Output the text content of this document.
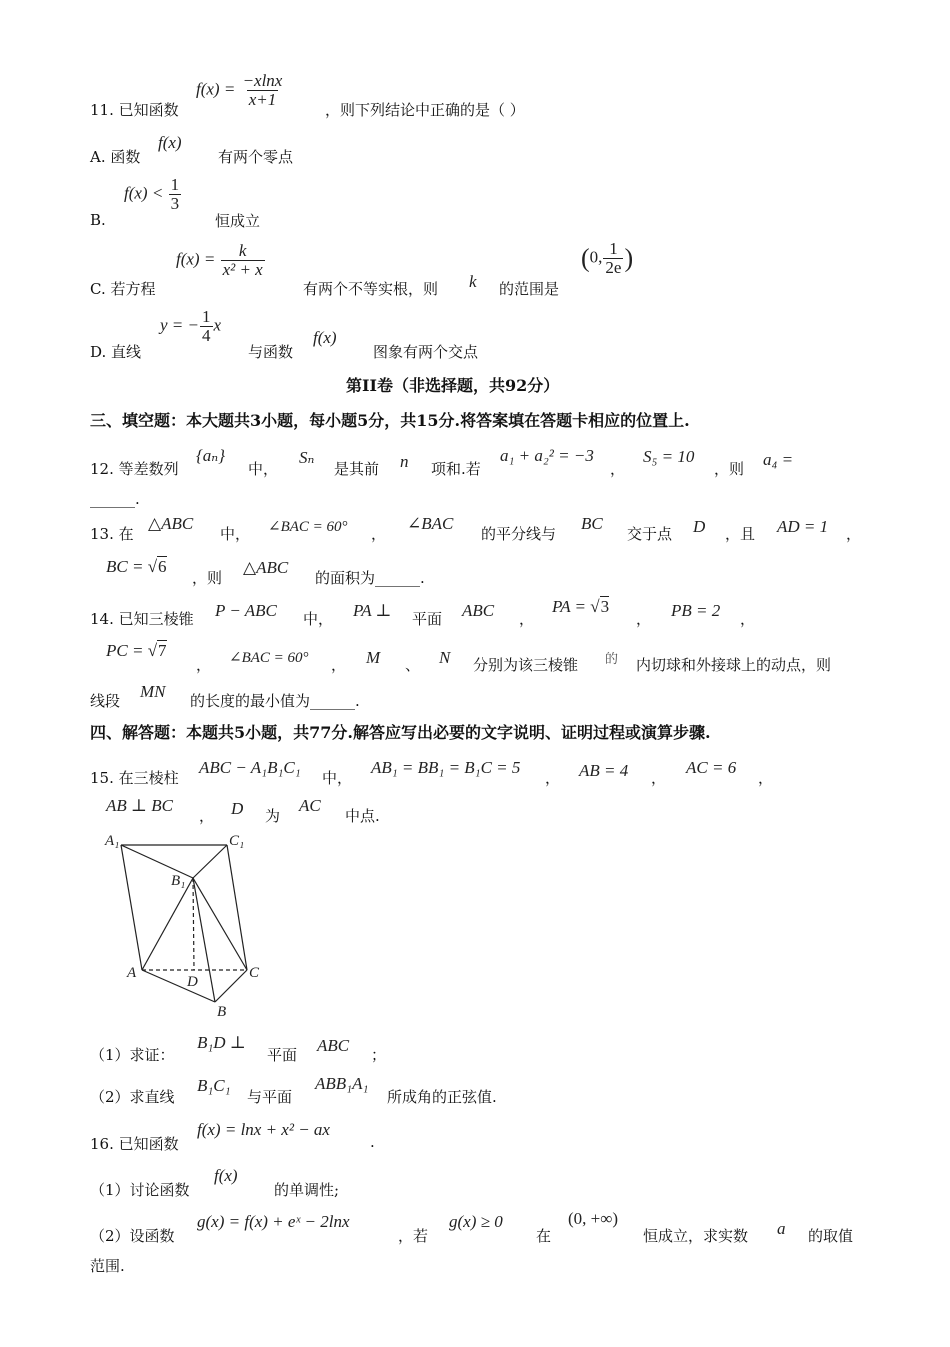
11. 已知函数
$f(x) = \frac{-xlnx}{x+1}$
，则下列结论中正确的是（ ）
A. 函数
f(x)
有两个零点
B.
$f(x) < \frac{1}{3}$
恒成立
C. 若方程
$f(x) = \frac{k}{\text{x² + x}}$
有两个不等实根，则 k 的范围是
(0, $\frac{1}{2e}$ )
D. 直线
y = − $\frac{1}{4}$ x
与函数
f(x)
图象有两个交点
第II卷（非选择题，共92分）
三、填空题：本大题共3小题，每小题5分，共15分.将答案填在答题卡相应的位置上.
12. 等差数列
{aₙ}
中，
Sₙ
是其前 n 项和.若
a₁ + a₂² = −3
，
S₅ = 10
，则 a₄ =
______.
13. 在
△ABC
中， ∠BAC = 60° ，
∠BAC
的平分线与
BC
交于点 D ，且 AD = 1 ，
BC = √6
，则
△ABC
的面积为______.
14. 已知三棱锥 P − ABC 中， PA ⊥ 平面 ABC ，
PA = √3
， PB = 2 ，
PC = √7
， ∠BAC = 60° ， M 、 N 分别为该三棱锥 的 内切球和外接球上的动点，则
线段 MN 的长度的最小值为______.
四、解答题：本题共5小题，共77分.解答应写出必要的文字说明、证明过程或演算步骤.
15. 在三棱柱
ABC − A₁B₁C₁
中，
AB₁ = BB₁ = B₁C = 5
， AB = 4 ，
AC = 6
，
AB ⊥ BC
， D 为
AC
中点.
A₁	C₁
B₁
A
D
C
B
（1）求证：
B₁D ⊥
平面 ABC ；
（2）求直线
B₁C₁
与平面
ABB₁A₁
所成角的正弦值.
16. 已知函数
f(x) = lnx + x² − ax
.
（1）讨论函数
f(x)
的单调性;
（2）设函数
g(x) = f(x) + eˣ − 2lnx
，若
g(x) ≥ 0
在
(0, +∞)
恒成立，求实数 a 的取值
范围.
